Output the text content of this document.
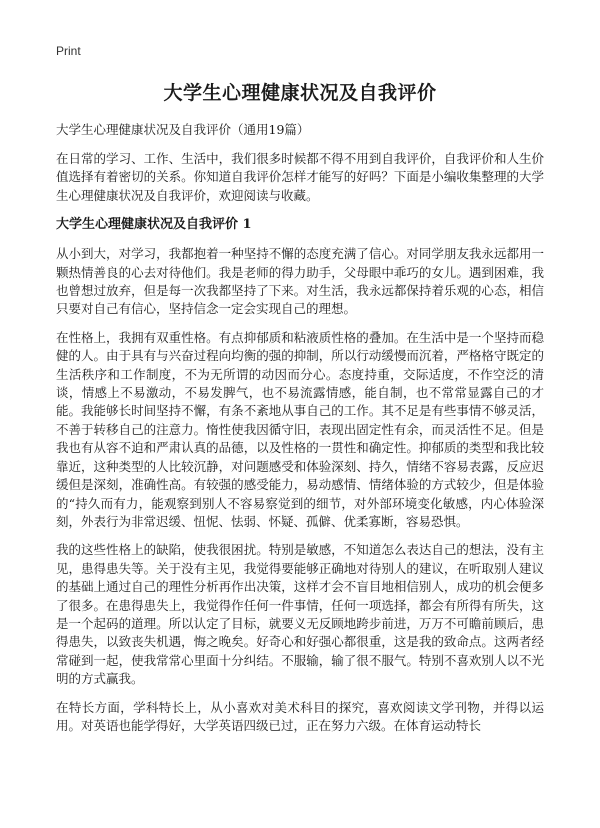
Print
大学生心理健康状况及自我评价

大学生心理健康状况及自我评价（通用19篇）

在日常的学习、工作、生活中，我们很多时候都不得不用到自我评价，自我评价和人生价值选择有着密切的关系。你知道自我评价怎样才能写的好吗？下面是小编收集整理的大学生心理健康状况及自我评价，欢迎阅读与收藏。

大学生心理健康状况及自我评价 1

从小到大，对学习，我都抱着一种坚持不懈的态度充满了信心。对同学朋友我永远都用一颗热情善良的心去对待他们。我是老师的得力助手，父母眼中乖巧的女儿。遇到困难，我也曾想过放弃，但是每一次我都坚持了下来。对生活，我永远都保持着乐观的心态，相信只要对自己有信心，坚持信念一定会实现自己的理想。

在性格上，我拥有双重性格。有点抑郁质和粘液质性格的叠加。在生活中是一个坚持而稳健的人。由于具有与兴奋过程向均衡的强的抑制，所以行动缓慢而沉着，严格格守既定的生活秩序和工作制度，不为无所谓的动因而分心。态度持重，交际适度，不作空泛的清谈，情感上不易激动，不易发脾气，也不易流露情感，能自制，也不常常显露自己的才能。我能够长时间坚持不懈，有条不紊地从事自己的工作。其不足是有些事情不够灵活，不善于转移自己的注意力。惰性使我因循守旧，表现出固定性有余，而灵活性不足。但是我也有从容不迫和严肃认真的品德，以及性格的一贯性和确定性。抑郁质的类型和我比较靠近，这种类型的人比较沉静，对问题感受和体验深刻、持久，情绪不容易表露，反应迟缓但是深刻，准确性高。有较强的感受能力，易动感情、情绪体验的方式较少，但是体验的“持久而有力，能观察到别人不容易察觉到的细节，对外部环境变化敏感，内心体验深刻，外表行为非常迟缓、忸怩、怯弱、怀疑、孤僻、优柔寡断，容易恐惧。

我的这些性格上的缺陷，使我很困扰。特别是敏感，不知道怎么表达自己的想法，没有主见，患得患失等。关于没有主见，我觉得要能够正确地对待别人的建议，在听取别人建议的基础上通过自己的理性分析再作出决策，这样才会不盲目地相信别人，成功的机会便多了很多。在患得患失上，我觉得作任何一件事情，任何一项选择，都会有所得有所失，这是一个起码的道理。所以认定了目标，就要义无反顾地跨步前进，万万不可瞻前顾后，患得患失，以致丧失机遇，悔之晚矣。好奇心和好强心都很重，这是我的致命点。这两者经常碰到一起，使我常常心里面十分纠结。不服输，输了很不服气。特别不喜欢别人以不光明的方式赢我。

在特长方面，学科特长上，从小喜欢对美术科目的探究，喜欢阅读文学刊物，并得以运用。对英语也能学得好，大学英语四级已过，正在努力六级。在体育运动特长
